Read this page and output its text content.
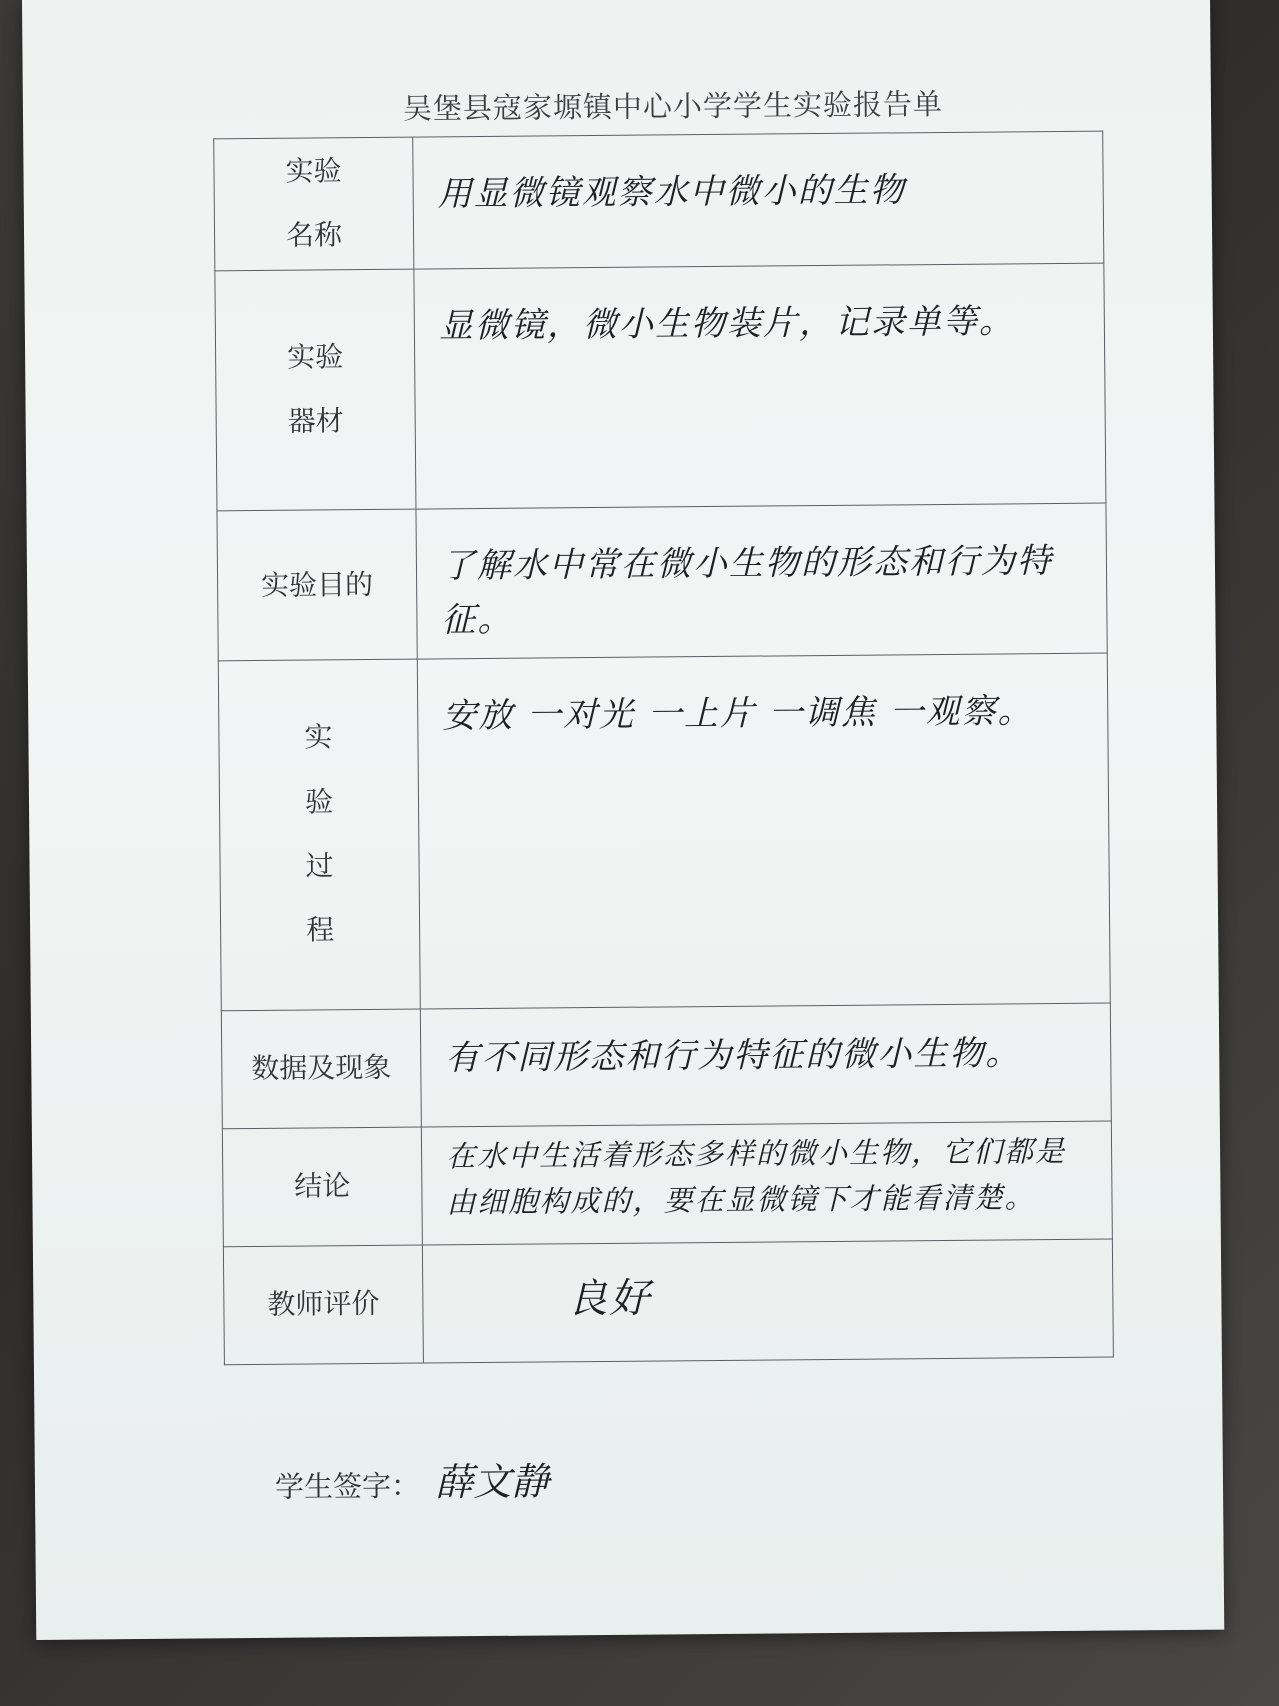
吴堡县寇家塬镇中心小学学生实验报告单
实验
名称	用显微镜观察水中微小的生物

实验
器材	显微镜，微小生物装片，记录单等。
实验目的	了解水中常在微小生物的形态和行为特征。

实
验
过
程	安放 一对光 一上片 一调焦 一观察。
数据及现象	有不同形态和行为特征的微小生物。
结论	在水中生活着形态多样的微小生物，它们都是由细胞构成的，要在显微镜下才能看清楚。
教师评价	良好
学生签字： 薛文静
